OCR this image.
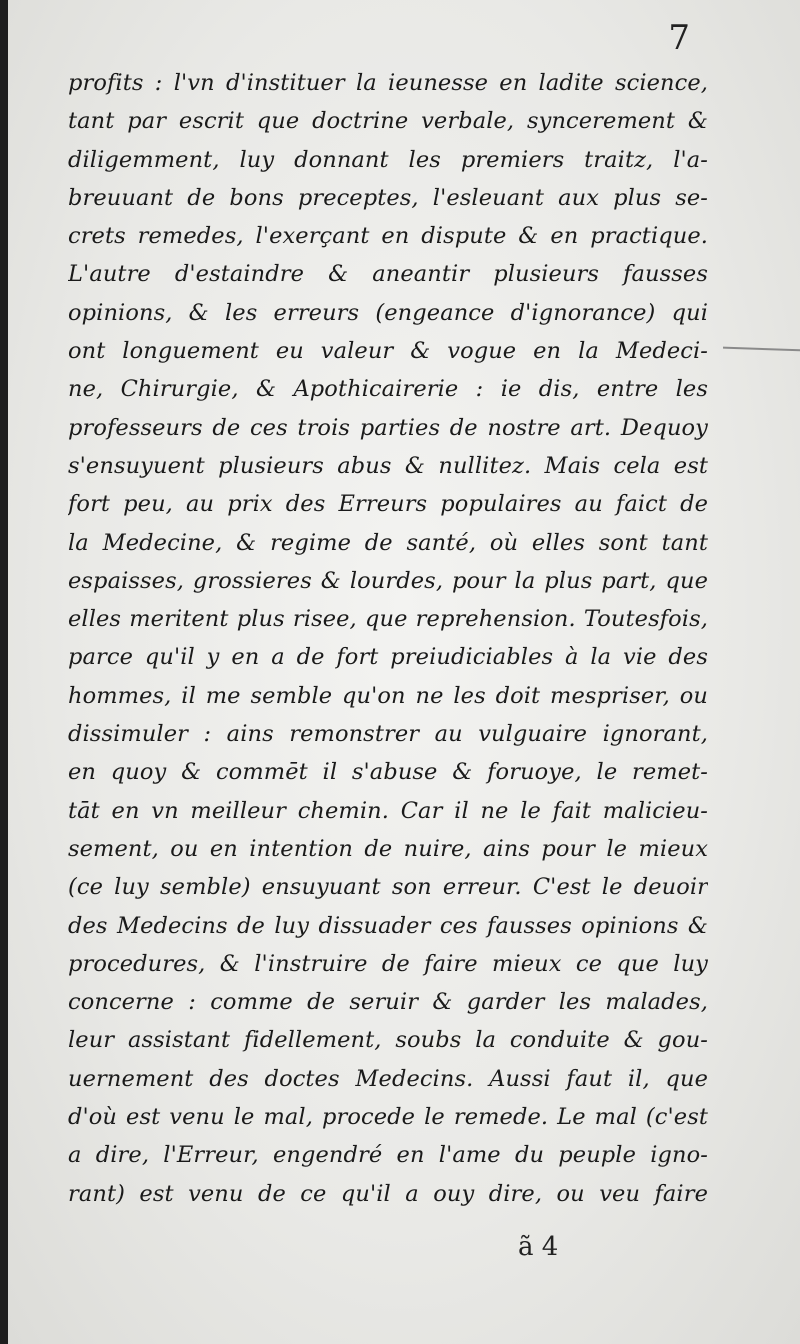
7
profits : l'vn d'instituer la ieunesse en ladite science,
tant par escrit que doctrine verbale, syncerement &
diligemment, luy donnant les premiers traitz, l'a-
breuuant de bons preceptes, l'esleuant aux plus se-
crets remedes, l'exerçant en dispute & en practique.
L'autre d'estaindre & aneantir plusieurs fausses
opinions, & les erreurs (engeance d'ignorance) qui
ont longuement eu valeur & vogue en la Medeci-
ne, Chirurgie, & Apothicairerie : ie dis, entre les
professeurs de ces trois parties de nostre art. Dequoy
s'ensuyuent plusieurs abus & nullitez. Mais cela est
fort peu, au prix des Erreurs populaires au faict de
la Medecine, & regime de santé, où elles sont tant
espaisses, grossieres & lourdes, pour la plus part, que
elles meritent plus risee, que reprehension. Toutesfois,
parce qu'il y en a de fort preiudiciables à la vie des
hommes, il me semble qu'on ne les doit mespriser, ou
dissimuler : ains remonstrer au vulguaire ignorant,
en quoy & commēt il s'abuse & foruoye, le remet-
tāt en vn meilleur chemin. Car il ne le fait malicieu-
sement, ou en intention de nuire, ains pour le mieux
(ce luy semble) ensuyuant son erreur. C'est le deuoir
des Medecins de luy dissuader ces fausses opinions &
procedures, & l'instruire de faire mieux ce que luy
concerne : comme de seruir & garder les malades,
leur assistant fidellement, soubs la conduite & gou-
uernement des doctes Medecins. Aussi faut il, que
d'où est venu le mal, procede le remede. Le mal (c'est
a dire, l'Erreur, engendré en l'ame du peuple igno-
rant) est venu de ce qu'il a ouy dire, ou veu faire
ã 4
